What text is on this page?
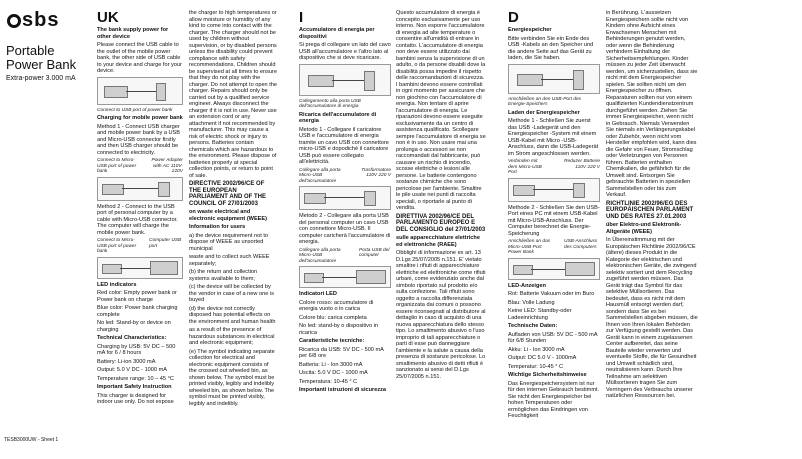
sbs
Portable
Power Bank
Extra-power 3.000 mA
TESB3000UW - Sheet 1
UK

The bank supply power for other device

Please connect the USB cable to the outlet of the mobile power bank, the other side of USB cable to your device and charge for your device.

Connect to USB port of power bank

Charging for mobile power bank

Method 1 - Connect USB charger and mobile power bank by a USB and Micro-USB connector firstly and then USB charger should be connected to electricity.

Connect to Micro-USB port of power bank
Power Adapter with AC 110V-220V

Method 2 - Connect to the USB port of personal computer by a cable with Micro-USB connector. The computer will charge the mobile power bank.

Connect to Micro-USB port of power bank
Computer USB port

LED indicators

Red color: Empty power bank or Power bank on charge

Blue color: Power bank charging complete

No led: Stand-by or device on charging

Technical Characteristics:

Charging by USB: 5V DC – 500 mA for 6 / 8 hours

Battery: Li-ion 3000 mA

Output: 5.0 V DC - 1000 mA

Temperature range: 10 – 45 °C

Important Safety Instruction

This charger is designed for indoor use only. Do not expose

the charger to high temperatures or allow moisture or humidity of any kind to come into contact with the charger. The charger should not be used by children without supervision, or by disabled persons unless the disability could prevent compliance with safety recommendations. Children should be supervised at all times to ensure that they do not play with the charger. Do not attempt to open the charger. Repairs should only be carried out by a qualified service engineer. Always disconnect the charger if it is not in use. Never use an extension cord or any attachment if not recommended by manufacturer. This may cause a risk of electric shock or injury to persons. Batteries contain chemicals which are hazardous to the environment. Please dispose of batteries properly at special collection points, or return to point of sale.

DIRECTIVE 2002/96/CE OF THE EUROPEAN PARLIAMENT AND OF THE COUNCIL OF 27/01/2003

on waste electrical and electronic equipment (WEEE)

Information for users

a) the device requirement not to dispose of WEEE as unsorted municipal

waste and to collect such WEEE separately;

(b) the return and collection systems available to them;

(c) the device will be collected by the vendor in case of a new one is buyed

(d) the device not correctly disposed has potential effects on the environment and human health

as a result of the presence of hazardous substances in electrical and electronic equipment;

(e) The symbol indicating separate collection for electrical and electronic equipment consists of the crossed out wheeled bin, as shown below. The symbol must be printed visibly, legibly and indelibly wheeled bin, as shown below. The symbol must be printed visibly, legibly and indelibly.

I

Accumulatore di energia per dispositivi

Si prega di collegare un lato del cavo USB all'accumulatore e l'altro lato al dispositivo che si deve ricaricare.

Collegamento alla porta USB dell'accumulatore di energia

Ricarica dell'accumulatore di energia

Metodo 1 - Collegare il caricatore USB e l'accumulatore di energia tramite un cavo USB con connettore micro-USB e dopodiché il caricatore USB può essere collegato all'elettricità.

Collegare alla porta Micro-USB dell'accumulatore
Trasformatore 110V 220 V

Metodo 2 - Collegare alla porta USB del personal computer un cavo USB con connettore Micro-USB. Il computer caricherà l'accumulatore di energia.

Collegare alla porta Micro-USB dell'accumulatore
Porta USB del computer

Indicatori LED

Colore rosso: accumulatore di energia vuoto o in carica

Colore blu: carica completa

No led: stand-by o dispositivo in ricarica

Caratteristiche tecniche:

Ricarica da USB: 5V DC - 500 mA per 6/8 ore

Batteria: Li - Ion 3000 mA

Uscita: 5.0 V DC - 1000 mA

Temperatura: 10-45 ° C

Importanti istruzioni di sicurezza

Questo accumulatore di energia è concepito esclusivamente per uso interno. Non esporre l'accumulatore di energia ad alte temperature o consentire all'umidità di entrare in contatto. L'accumulatore di energia non deve essere utilizzato dai bambini senza la supervisione di un adulto, o da persone disabili dove la disabilità possa impedire il rispetto delle raccomandazioni di sicurezza. I bambini devono essere controllati in ogni momento per assicurare che non giochino con l'accumulatore di energia. Non tentare di aprire l'accumulatore di energia. Le riparazioni devono essere eseguite esclusivamente da un centro di assistenza qualificato. Scollegare sempre l'accumulatore di energia se non è in uso. Non usare mai una prolunga o accessori se non raccomandati dal fabbricante, può causare un rischio di incendio, scosse elettriche o lesioni alle persone. Le batterie contengono sostanze chimiche che sono pericolose per l'ambiente. Smaltire le pile usate nei punti di raccolta speciali, o riportarle al punto di vendita.

DIRETTIVA 2002/96/CE DEL PARLAMENTO EUROPEO E DEL CONSIGLIO del 27/01/2003

sulle apparecchiature elettriche ed elettroniche (RAEE)

Obblighi di informazione ex art. 13 D.Lgs 25/07/2005 n.151. E' vietato smaltire i rifiuti di apparecchiature elettriche ed elettroniche come rifiuti urbani, come evidenziato anche dal simbolo riportato sul prodotto e/o sulla confezione. Tali rifiuti sono oggetto a raccolta differenziata organizzata dai comuni o possono essere riconsegnati al distributore al dettaglio in caso di acquisto di una nuova apparecchiatura dello stesso tipo. Lo smaltimento abusivo o l'uso improprio di tali apparecchiature o parti di esse può danneggiare l'ambiente e la salute a causa della presenza di sostanze pericolose. Lo smaltimento abusivo di detti rifiuti è sanzionato ai sensi del D.Lgs 25/07/2005 n.151.

D

Energiespeicher

Bitte verbinden Sie ein Ende des USB -Kabels an den Speicher und die andere Seite auf das Gerät zu laden, die Sie haben.

Anschließen an den USB-Port des Energie-Speichers

Laden der Energiespeicher

Methode 1 - Schließen Sie zuerst das USB -Ladegerät und den Energiespeicher -System mit einem USB-Kabel mit Micro -USB-Anschluss, dann die USB-Ladegerät im Strom angeschlossen werden.

Verbinden mit dem Micro-USB Port
Reduzer Batterie 110V 220 V

Methode 2 - Schließen Sie den USB-Port eines PC mit einem USB-Kabel mit Micro-USB-Anschluss. Der Computer berechnet die Energie-Speicherung

Anschließen an das Micro-USB-Port Power Bank
USB-Anschluss des Computers

LED-Anzeigen

Rot: Batterie Vakuum oder im Buro

Blau: Volle Ladung

Keine LED: Standby-oder Ladeeinrichtung

Technische Daten:

Aufladen von USB: 5V DC - 500 mA für 6/8 Stunden

Akku: Li - Ion 3000 mA

Output: DC 5.0 V - 1000mA

Temperatur: 10-45 ° C

Wichtige Sicherheitshinweise

Das Energiespeichersystem ist nur für den internen Gebrauch bestimmt. Sie nicht den Energiespeicher bei hohen Temperaturen oder ermöglichen das Eindringen von Feuchtigkeit

in Berührung. L'aussetzen Energiespeichern sollte nicht von Kindern ohne Aufsicht eines Erwachsenen Menschen mit Behinderungen genutzt werden, oder wenn die Behinderung verhindern Einhaltung der Sicherheitsempfehlungen. Kinder müssen zu jeder Zeit überwacht werden, um sicherzustellen, dass sie nicht mit dem Energiespeicher spielen. Sie sollten nicht um den Energiespeicher zu öffnen. Reparaturen sollten nur von einem qualifizierten Kundendienstzentrum durchgeführt werden. Ziehen Sie immer Energiespeicher, wenn nicht in Gebrauch. Niemals Verwenden Sie niemals ein Verlängerungskabel oder Zubehör, wenn nicht vom Hersteller empfohlen wird, kann dies die Gefahr von Feuer, Stromschlag oder Verletzungen von Personen führen. Batterien enthalten Chemikalien, die gefährlich für die Umwelt sind. Entsorgen Sie gebrauchte Batterien in speziellen Sammelstellen oder bis zum Verkauf.

RICHTLINIE 2002/96/EG DES EUROPÄISCHEN PARLAMENT UND DES RATES 27.01.2003

über Elektro-und Elektronik-Altgeräte (WEEE)

In Übereinstimmung mit der Europäischen Richtlinie 2002/96/CE (ältere) dieses Produkt in die Kategorie der elektrischen und elektronischen Geräte, die zwingend selektiv sortiert und dem Recycling zugeführt werden müssen. Das Gerät trägt das Symbol für das selektive Müllsortieren. Das bedeutet, dass es nicht mit dem Hausmüll entsorgt werden darf, sondern dass Sie es bei Sammelstellen abgeben müssen, die Ihnen von Ihren lokalen Behörden zur Verfügung gestellt werden. Das Gerät kann in einem zugelassenen Center aufbereitet, das seine Bauteile wieder verwerten und eventuelle Stoffe, die für Gesundheit und Umwelt schädlich sind, neutralisieren kann. Durch Ihre Teilnahme am selektiven Müllsortieren tragen Sie zum Verringern des Verbrauchs unserer natürlichen Ressourcen bei.
